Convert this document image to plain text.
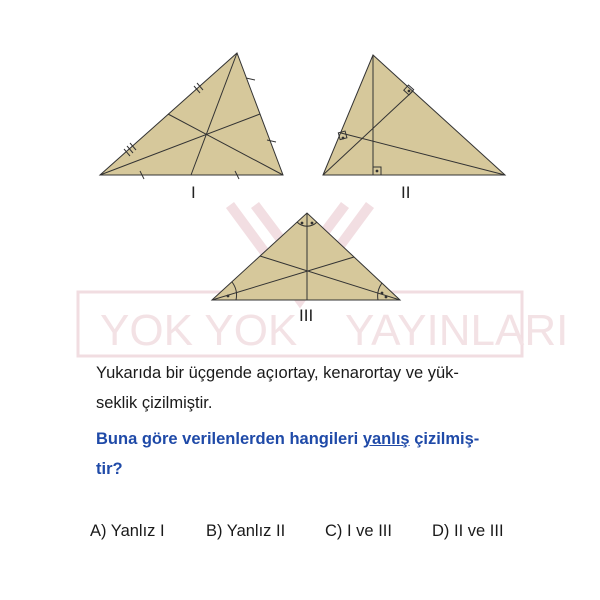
YOK YOK YAYINLARI
I	II
III
Yukarıda bir üçgende açıortay, kenarortay ve yük-
seklik çizilmiştir.
Buna göre verilenlerden hangileri yanlış çizilmiş-
tir?
A) Yanlız I	B) Yanlız II C) I ve III D) II ve III
